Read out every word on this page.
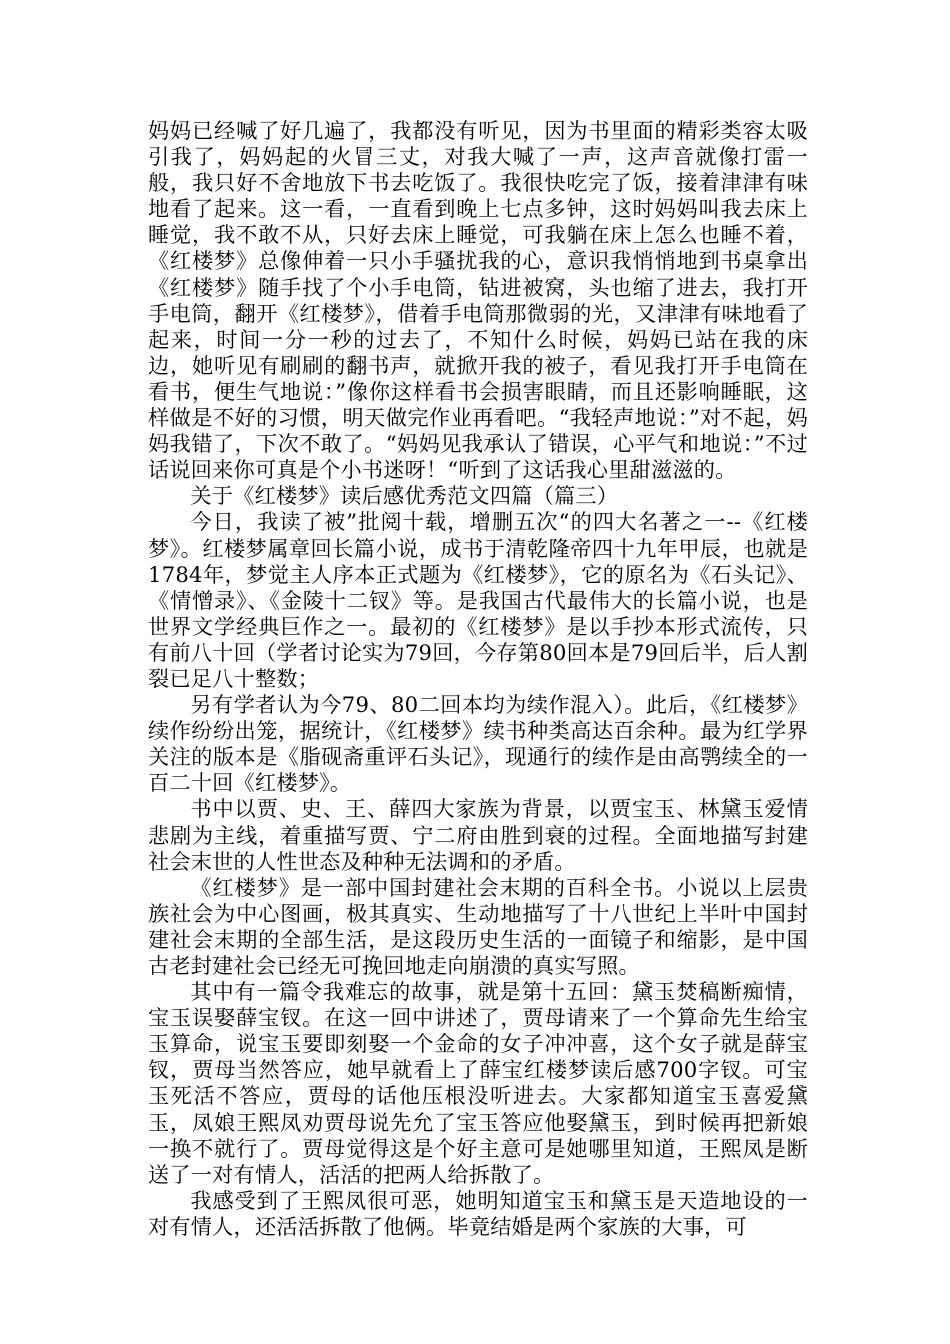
妈妈已经喊了好几遍了，我都没有听见，因为书里面的精彩类容太吸引我了，妈妈起的火冒三丈，对我大喊了一声，这声音就像打雷一般，我只好不舍地放下书去吃饭了。我很快吃完了饭，接着津津有味地看了起来。这一看，一直看到晚上七点多钟，这时妈妈叫我去床上睡觉，我不敢不从，只好去床上睡觉，可我躺在床上怎么也睡不着，《红楼梦》总像伸着一只小手骚扰我的心，意识我悄悄地到书桌拿出《红楼梦》随手找了个小手电筒，钻进被窝，头也缩了进去，我打开手电筒，翻开《红楼梦》，借着手电筒那微弱的光，又津津有味地看了起来，时间一分一秒的过去了，不知什么时候，妈妈已站在我的床边，她听见有刷刷的翻书声，就掀开我的被子，看见我打开手电筒在看书，便生气地说：”像你这样看书会损害眼睛，而且还影响睡眠，这样做是不好的习惯，明天做完作业再看吧。“我轻声地说：”对不起，妈妈我错了，下次不敢了。“妈妈见我承认了错误，心平气和地说：”不过话说回来你可真是个小书迷呀！“听到了这话我心里甜滋滋的。

关于《红楼梦》读后感优秀范文四篇（篇三）

今日，我读了被”批阅十载，增删五次“的四大名著之一--《红楼梦》。红楼梦属章回长篇小说，成书于清乾隆帝四十九年甲辰，也就是1784年，梦觉主人序本正式题为《红楼梦》，它的原名为《石头记》、《情憎录》、《金陵十二钗》等。是我国古代最伟大的长篇小说，也是世界文学经典巨作之一。最初的《红楼梦》是以手抄本形式流传，只有前八十回（学者讨论实为79回，今存第80回本是79回后半，后人割裂已足八十整数；

另有学者认为今79、80二回本均为续作混入）。此后，《红楼梦》续作纷纷出笼，据统计，《红楼梦》续书种类高达百余种。最为红学界关注的版本是《脂砚斋重评石头记》，现通行的续作是由高鹗续全的一百二十回《红楼梦》。

书中以贾、史、王、薛四大家族为背景，以贾宝玉、林黛玉爱情悲剧为主线，着重描写贾、宁二府由胜到衰的过程。全面地描写封建社会末世的人性世态及种种无法调和的矛盾。

《红楼梦》是一部中国封建社会末期的百科全书。小说以上层贵族社会为中心图画，极其真实、生动地描写了十八世纪上半叶中国封建社会末期的全部生活，是这段历史生活的一面镜子和缩影，是中国古老封建社会已经无可挽回地走向崩溃的真实写照。

其中有一篇令我难忘的故事，就是第十五回：黛玉焚稿断痴情，宝玉误娶薛宝钗。在这一回中讲述了，贾母请来了一个算命先生给宝玉算命，说宝玉要即刻娶一个金命的女子冲冲喜，这个女子就是薛宝钗，贾母当然答应，她早就看上了薛宝红楼梦读后感700字钗。可宝玉死活不答应，贾母的话他压根没听进去。大家都知道宝玉喜爱黛玉，凤娘王熙凤劝贾母说先允了宝玉答应他娶黛玉，到时候再把新娘一换不就行了。贾母觉得这是个好主意可是她哪里知道，王熙凤是断送了一对有情人，活活的把两人给拆散了。

我感受到了王熙凤很可恶，她明知道宝玉和黛玉是天造地设的一对有情人，还活活拆散了他俩。毕竟结婚是两个家族的大事，可
